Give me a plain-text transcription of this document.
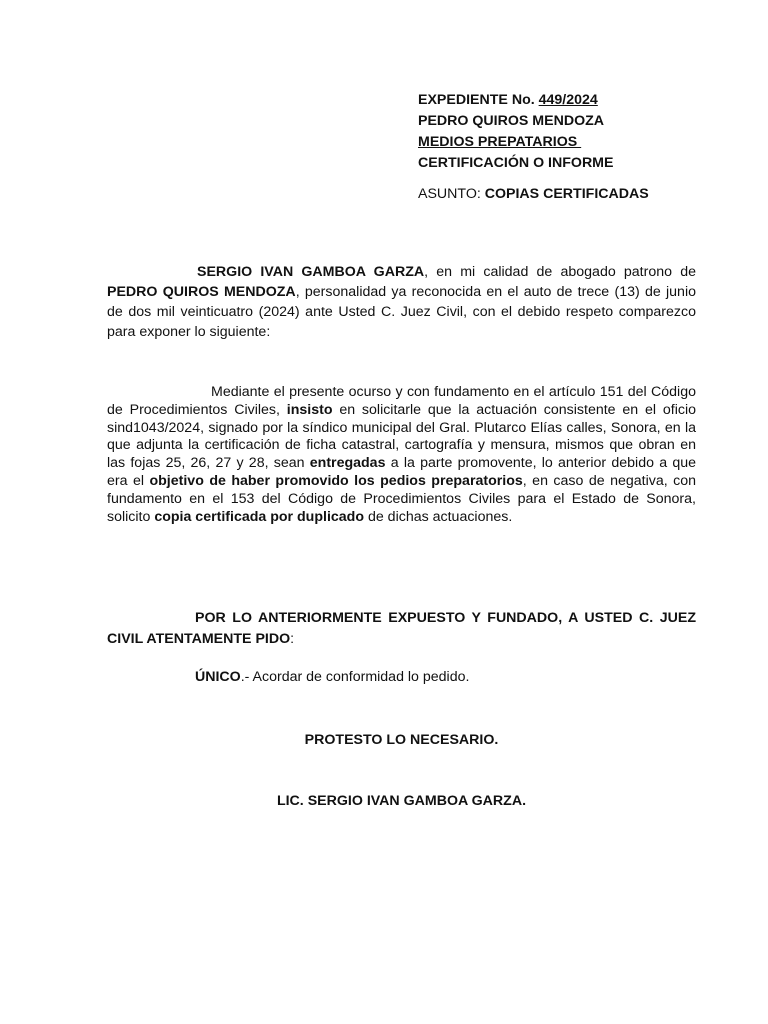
EXPEDIENTE No. 449/2024
PEDRO QUIROS MENDOZA
MEDIOS PREPATARIOS
CERTIFICACIÓN O INFORME
ASUNTO: COPIAS CERTIFICADAS
SERGIO IVAN GAMBOA GARZA, en mi calidad de abogado patrono de PEDRO QUIROS MENDOZA, personalidad ya reconocida en el auto de trece (13) de junio de dos mil veinticuatro (2024) ante Usted C. Juez Civil, con el debido respeto comparezco para exponer lo siguiente:
Mediante el presente ocurso y con fundamento en el artículo 151 del Código de Procedimientos Civiles, insisto en solicitarle que la actuación consistente en el oficio sind1043/2024, signado por la síndico municipal del Gral. Plutarco Elías calles, Sonora, en la que adjunta la certificación de ficha catastral, cartografía y mensura, mismos que obran en las fojas 25, 26, 27 y 28, sean entregadas a la parte promovente, lo anterior debido a que era el objetivo de haber promovido los pedios preparatorios, en caso de negativa, con fundamento en el 153 del Código de Procedimientos Civiles para el Estado de Sonora, solicito copia certificada por duplicado de dichas actuaciones.
POR LO ANTERIORMENTE EXPUESTO Y FUNDADO, A USTED C. JUEZ CIVIL ATENTAMENTE PIDO:
ÚNICO.- Acordar de conformidad lo pedido.
PROTESTO LO NECESARIO.
LIC. SERGIO IVAN GAMBOA GARZA.
